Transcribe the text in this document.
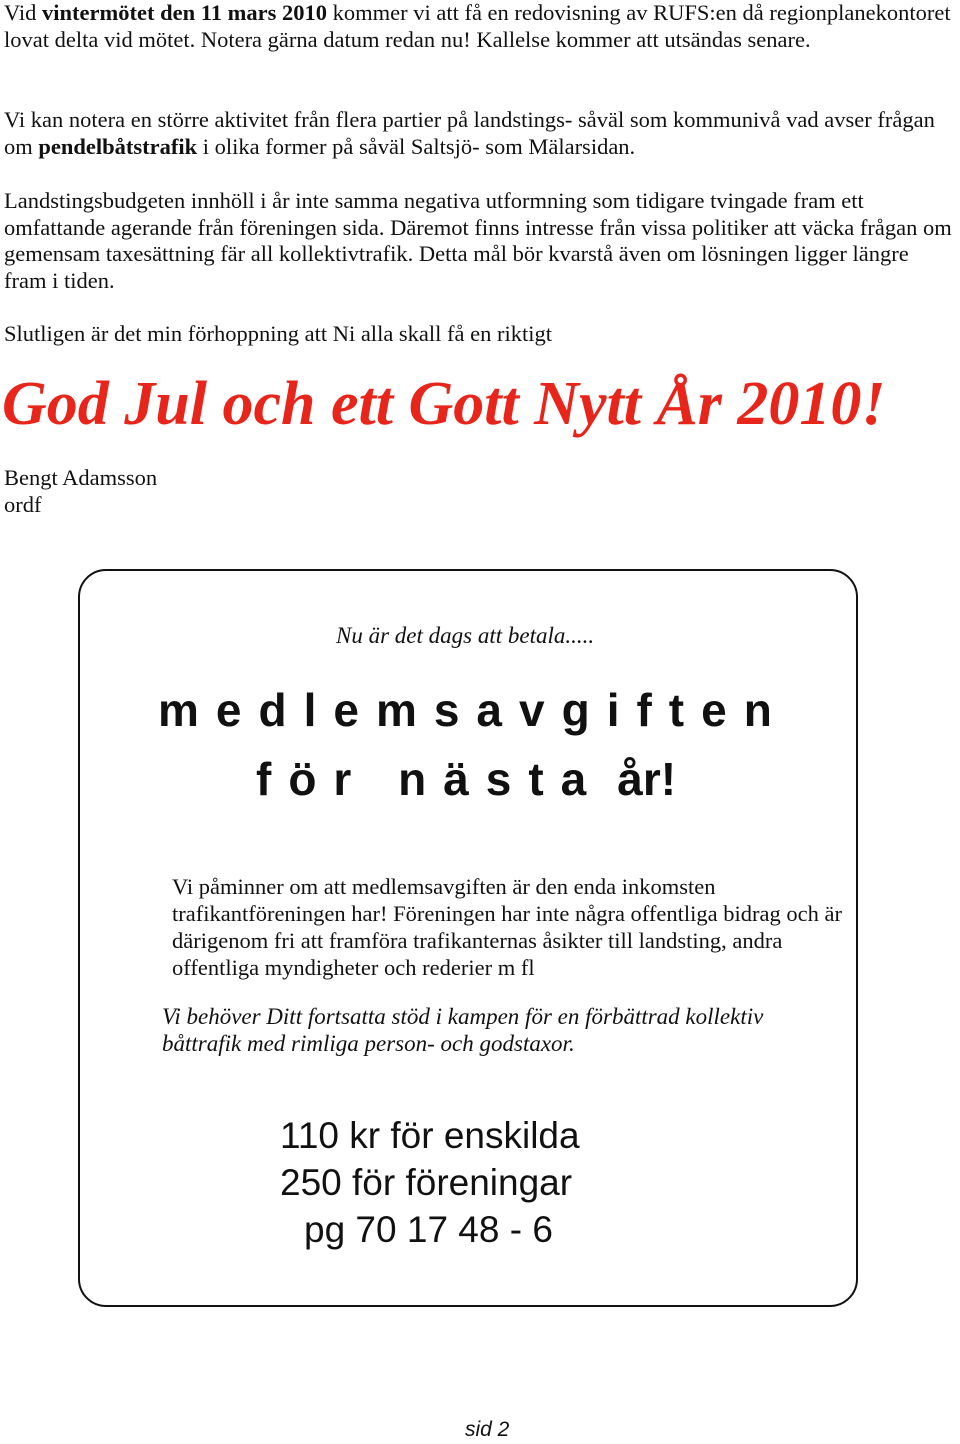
Vid vintermötet den 11 mars 2010 kommer vi att få en redovisning av RUFS:en då regionplanekontoret lovat delta vid mötet. Notera gärna datum redan nu! Kallelse kommer att utsändas senare.

Vi kan notera en större aktivitet från flera partier på landstings- såväl som kommunivå vad avser frågan om pendelbåtstrafik i olika former på såväl Saltsjö- som Mälarsidan.

Landstingsbudgeten innhöll i år inte samma negativa utformning som tidigare tvingade fram ett omfattande agerande från föreningen sida. Däremot finns intresse från vissa politiker att väcka frågan om gemensam taxesättning fär all kollektivtrafik. Detta mål bör kvarstå även om lösningen ligger längre fram i tiden.

Slutligen är det min förhoppning att Ni alla skall få en riktigt

God Jul och ett Gott Nytt År 2010!
Bengt Adamsson
ordf
Nu är det dags att betala.....
medlemsavgiften
för nästa år!
Vi påminner om att medlemsavgiften är den enda inkomsten trafikantföreningen har! Föreningen har inte några offentliga bidrag och är därigenom fri att framföra trafikanternas åsikter till landsting, andra offentliga myndigheter och rederier m fl
Vi behöver Ditt fortsatta stöd i kampen för en förbättrad kollektiv båttrafik med rimliga person- och godstaxor.
110 kr för enskilda
250 för föreningar
pg 70 17 48 - 6
sid 2
